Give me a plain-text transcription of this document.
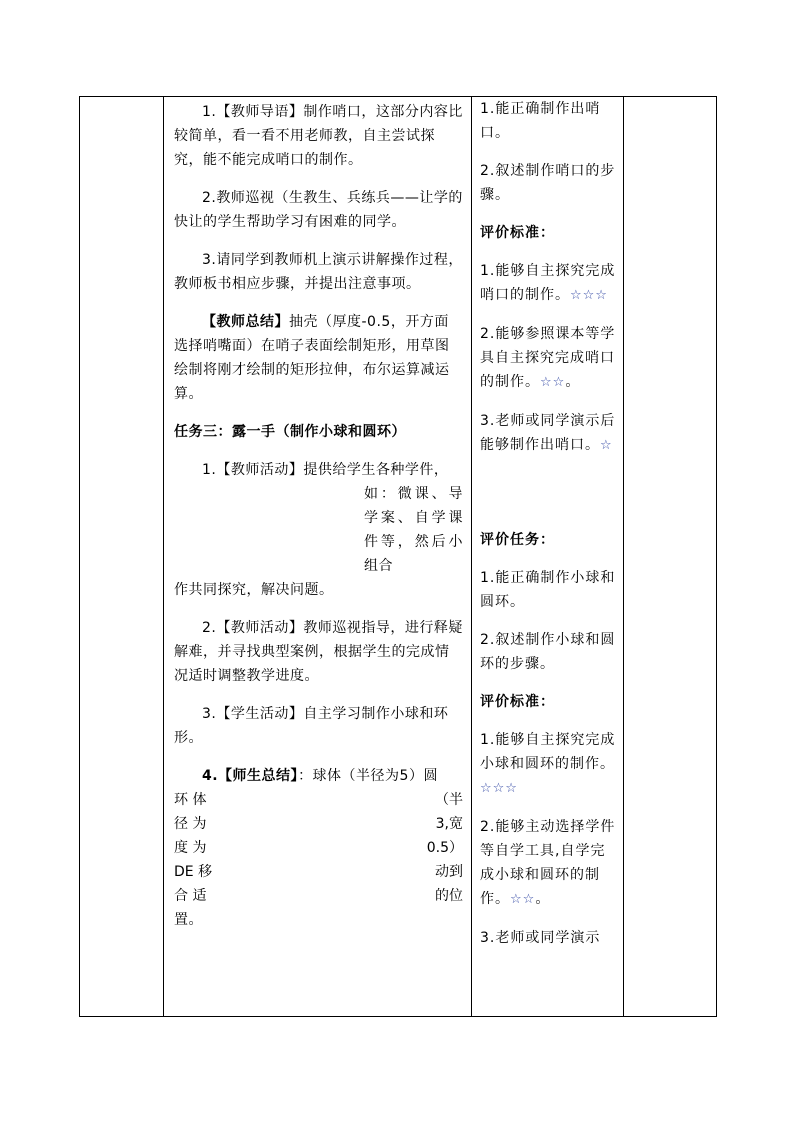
1.【教师导语】制作哨口，这部分内容比较简单，看一看不用老师教，自主尝试探究，能不能完成哨口的制作。

2.教师巡视（生教生、兵练兵——让学的快让的学生帮助学习有困难的同学。

3.请同学到教师机上演示讲解操作过程，教师板书相应步骤，并提出注意事项。

【教师总结】抽壳（厚度-0.5，开方面选择哨嘴面）在哨子表面绘制矩形，用草图绘制将刚才绘制的矩形拉伸，布尔运算减运算。

任务三：露一手（制作小球和圆环）

1.【教师活动】提供给学生各种学件，

如：微课、导学案、自学课件等，然后小组合

作共同探究，解决问题。

2.【教师活动】教师巡视指导，进行释疑解难，并寻找典型案例，根据学生的完成情况适时调整教学进度。

3.【学生活动】自主学习制作小球和环形。

4.【师生总结】：球体（半径为5）圆

环 体	（半
径 为	3,宽
度 为	0.5）
DE 移	动到
合 适	的位

置。

1.能正确制作出哨口。

2.叙述制作哨口的步骤。

评价标准：

1.能够自主探究完成哨口的制作。☆☆☆

2.能够参照课本等学具自主探究完成哨口的制作。☆☆。

3.老师或同学演示后能够制作出哨口。☆

评价任务：

1.能正确制作小球和圆环。

2.叙述制作小球和圆环的步骤。

评价标准：

1.能够自主探究完成小球和圆环的制作。☆☆☆

2.能够主动选择学件等自学工具,自学完成小球和圆环的制作。☆☆。

3.老师或同学演示
